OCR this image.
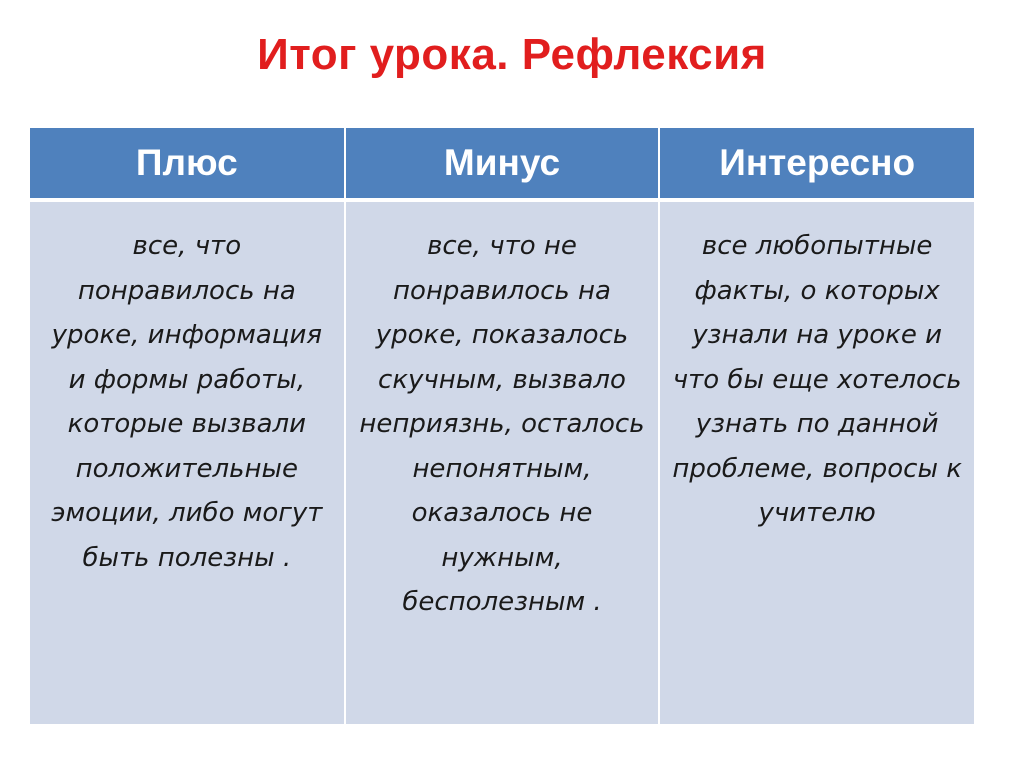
Итог урока. Рефлексия
Плюс	Минус	Интересно
все, что понравилось на уроке, информация и формы работы, которые вызвали положительные эмоции, либо могут быть полезны .	все, что не понравилось на уроке, показалось скучным, вызвало неприязнь, осталось непонятным, оказалось не нужным, бесполезным .	все любопытные факты, о которых узнали на уроке и что бы еще хотелось узнать по данной проблеме, вопросы к учителю
